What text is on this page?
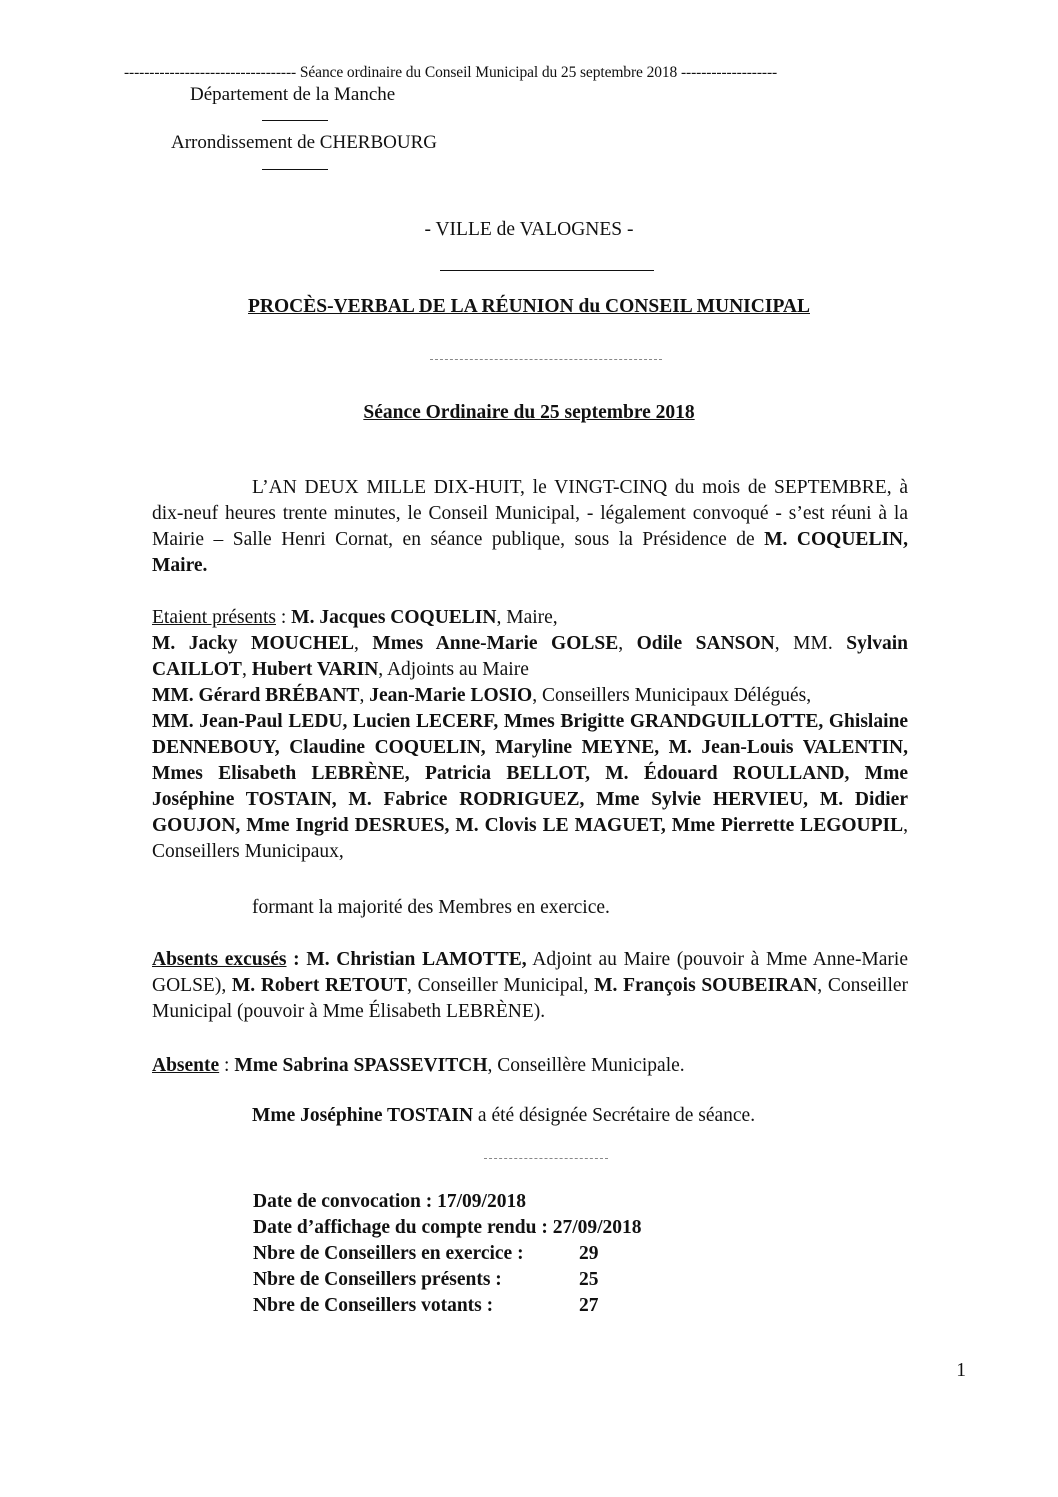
---------------------------------- Séance ordinaire du Conseil Municipal du 25 septembre 2018 -------------------
Département de la Manche
Arrondissement de CHERBOURG
- VILLE de VALOGNES -
PROCÈS-VERBAL DE LA RÉUNION du CONSEIL MUNICIPAL
Séance Ordinaire du 25 septembre 2018
L’AN DEUX MILLE DIX-HUIT, le VINGT-CINQ du mois de SEPTEMBRE, à dix-neuf heures trente minutes, le Conseil Municipal, - légalement convoqué - s’est réuni à la Mairie – Salle Henri Cornat, en séance publique, sous la Présidence de M. COQUELIN, Maire.
Etaient présents : M. Jacques COQUELIN, Maire,
M. Jacky MOUCHEL, Mmes Anne-Marie GOLSE, Odile SANSON, MM. Sylvain CAILLOT, Hubert VARIN, Adjoints au Maire
MM. Gérard BRÉBANT, Jean-Marie LOSIO, Conseillers Municipaux Délégués,
MM. Jean-Paul LEDU, Lucien LECERF, Mmes Brigitte GRANDGUILLOTTE, Ghislaine DENNEBOUY, Claudine COQUELIN, Maryline MEYNE, M. Jean-Louis VALENTIN, Mmes Elisabeth LEBRÈNE, Patricia BELLOT, M. Édouard ROULLAND, Mme Joséphine TOSTAIN, M. Fabrice RODRIGUEZ, Mme Sylvie HERVIEU, M. Didier GOUJON, Mme Ingrid DESRUES, M. Clovis LE MAGUET, Mme Pierrette LEGOUPIL, Conseillers Municipaux,
formant la majorité des Membres en exercice.
Absents excusés : M. Christian LAMOTTE, Adjoint au Maire (pouvoir à Mme Anne-Marie GOLSE), M. Robert RETOUT, Conseiller Municipal, M. François SOUBEIRAN, Conseiller Municipal (pouvoir à Mme Élisabeth LEBRÈNE).
Absente : Mme Sabrina SPASSEVITCH, Conseillère Municipale.
Mme Joséphine TOSTAIN a été désignée Secrétaire de séance.
Date de convocation : 17/09/2018
Date d’affichage du compte rendu : 27/09/2018
Nbre de Conseillers en exercice :	29
Nbre de Conseillers présents :	25
Nbre de Conseillers votants :	27
1
